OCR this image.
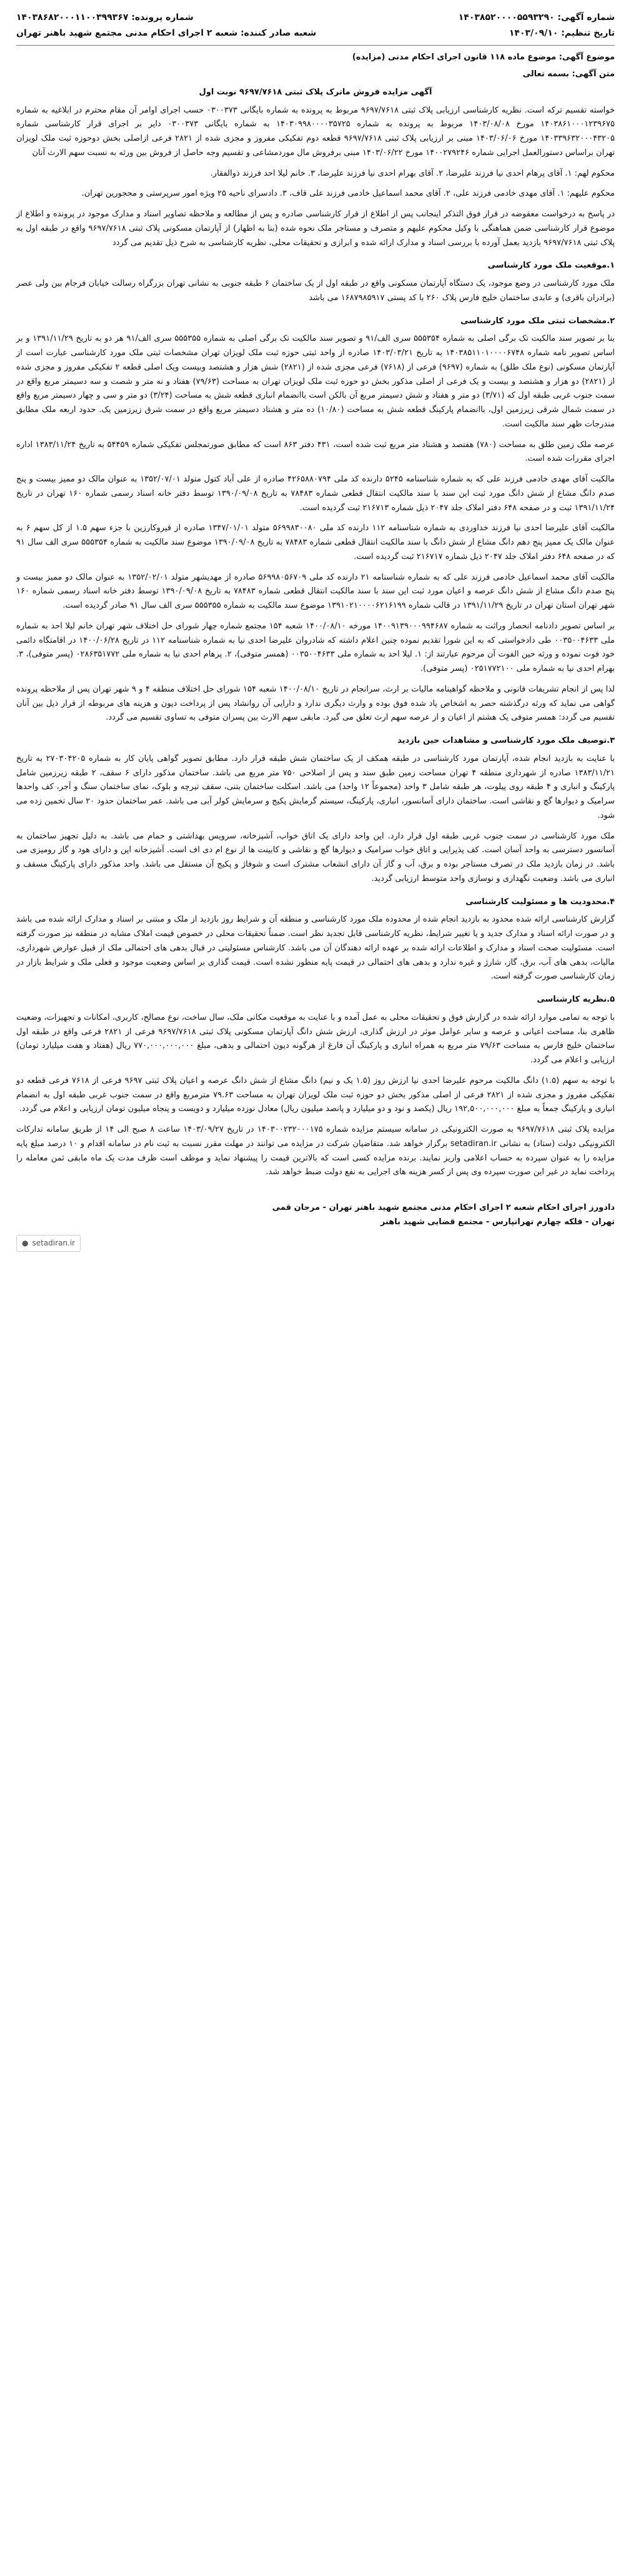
شماره آگهی: ۱۴۰۳۸۵۲۰۰۰۰۵۵۹۳۲۹۰
تاریخ تنظیم: ۱۴۰۳/۰۹/۱۰
شماره پرونده: ۱۴۰۳۸۶۸۲۰۰۰۱۱۰۰۳۹۹۳۶۷
شعبه صادر کننده: شعبه ۲ اجرای احکام مدنی مجتمع شهید باهنر تهران
موضوع آگهی: موضوع ماده ۱۱۸ قانون اجرای احکام مدنی (مزایده)
متن آگهی: بسمه تعالی
آگهی مزایده فروش ماترک پلاک ثبتی ۹۶۹۷/۷۶۱۸ نوبت اول

خواسته تقسیم ترکه است. نظریه کارشناسی ارزیابی پلاک ثبتی ۹۶۹۷/۷۶۱۸ مربوط به پرونده به شماره بایگانی ۰۳۰۰۳۷۳ حسب اجرای اوامر آن مقام محترم در ابلاغیه به شماره ۱۴۰۳۸۶۱۰۰۰۱۲۳۹۶۷۵ مورخ ۱۴۰۳/۰۸/۰۸ مربوط به پرونده به شماره ۱۴۰۳۰۹۹۸۰۰۰۰۳۵۷۲۵ به شماره بایگانی ۰۳۰۰۳۷۳ دایر بر اجرای قرار کارشناسی شماره ۱۴۰۳۳۹۶۳۲۰۰۰۴۳۲۰۵ مورخ ۱۴۰۳/۰۶/۰۶ مبنی بر ارزیابی پلاک ثبتی ۹۶۹۷/۷۶۱۸ قطعه دوم تفکیکی مفروز و مجزی شده از ۲۸۲۱ فرعی ازاصلی بخش دوحوزه ثبت ملک لویزان تهران براساس دستورالعمل اجرایی شماره ۱۴۰۰۲۷۹۲۴۶ مورخ ۱۴۰۳/۰۶/۲۲ مبنی برفروش مال موردمشاعی و تقسیم وجه حاصل از فروش بین ورثه به نسبت سهم الارث آنان

محکوم لهم: ۱. آقای پرهام احدی نیا فرزند علیرضا، ۲. آقای بهرام احدی نیا فرزند علیرضا، ۳. خانم لیلا احد فرزند ذوالفقار.

محکوم علیهم: ۱. آقای مهدی خادمی فرزند علی، ۲. آقای محمد اسماعیل خادمی فرزند علی قاف، ۳. دادسرای ناحیه ۲۵ ویژه امور سرپرستی و محجورین تهران.

در پاسخ به درخواست معقوضه در قرار فوق التذکر اینجانب پس از اطلاع از قرار کارشناسی صادره و پس از مطالعه و ملاحظه تصاویر اسناد و مدارک موجود در پرونده و اطلاع از موضوع قرار کارشناسی ضمن هماهنگی با وکیل محکوم علیهم و متصرف و مستاجر ملک نحوه شده (بنا به اظهار) از آپارتمان مسکونی پلاک ثبتی ۹۶۹۷/۷۶۱۸ واقع در طبقه اول به پلاک ثبتی ۹۶۹۷/۷۶۱۸ بازدید بعمل آورده با بررسی اسناد و مدارک ارائه شده و ابرازی و تحقیقات محلی، نظریه کارشناسی به شرح ذیل تقدیم می گردد

۱.موقعیت ملک مورد کارشناسی

ملک مورد کارشناسی در وضع موجود، یک دستگاه آپارتمان مسکونی واقع در طبقه اول از یک ساختمان ۶ طبقه جنوبی به نشانی تهران بزرگراه رسالت خیابان فرجام بین ولی عصر (برادران باقری) و عابدی ساختمان خلیج فارس پلاک ۲۶۰ با کد پستی ۱۶۸۷۹۸۵۹۱۷ می باشد

۲.مشخصات ثبتی ملک مورد کارشناسی

بنا بر تصویر سند مالکیت تک برگی اصلی به شماره ۵۵۵۳۵۴ سری الف/۹۱ و تصویر سند مالکیت تک برگی اصلی به شماره ۵۵۵۳۵۵ سری الف/۹۱ هر دو به تاریخ ۱۳۹۱/۱۱/۲۹ و بر اساس تصویر نامه شماره ۱۴۰۳۸۵۱۱۰۱۰۰۰۰۶۷۴۸ به تاریخ ۱۴۰۳/۰۳/۲۱ صادره از واحد ثبتی حوزه ثبت ملک لویزان تهران مشخصات ثبتی ملک مورد کارشناسی عبارت است از آپارتمان مسکونی (نوع ملک طلق) به شماره (۹۶۹۷) فرعی از (۷۶۱۸) فرعی مجزی شده از (۲۸۲۱) شش هزار و هشتصد وبیست ویک اصلی قطعه ۲ تفکیکی مفروز و مجزی شده از (۲۸۲۱) دو هزار و هشتصد و بیست و یک فرعی از اصلی مذکور بخش دو حوزه ثبت ملک لویزان تهران به مساحت (۷۹/۶۳) هفتاد و نه متر و شصت و سه دسیمتر مربع واقع در سمت جنوب غربی طبقه اول که (۳/۷۱) دو متر و هفتاد و شش دسیمتر مربع آن بالکن است باانضمام انباری قطعه شش به مساحت (۳/۲۴) دو متر و سی و چهار دسیمتر مربع واقع در سمت شمال شرقی زیرزمین اول، باانضمام پارکینگ قطعه شش به مساحت (۱۰/۸۰) ده متر و هشتاد دسیمتر مربع واقع در سمت شرق زیرزمین یک. حدود اربعه ملک مطابق مندرجات ظهر سند مالکیت است.

عرصه ملک زمین طلق به مساحت (۷۸۰) هفتصد و هشتاد متر مربع ثبت شده است، ۴۳۱ دفتر ۸۶۳ است که مطابق صورتمجلس تفکیکی شماره ۵۴۴۵۹ به تاریخ ۱۳۸۳/۱۱/۲۴ اداره اجرای مقررات شده است.

مالکیت آقای مهدی خادمی فرزند علی که به شماره شناسنامه ۵۲۴۵ دارنده کد ملی ۴۲۶۵۸۸۰۷۹۴ صادره از علی آباد کتول متولد ۱۳۵۲/۰۷/۰۱ به عنوان مالک دو ممیز بیست و پنج صدم دانگ مشاع از شش دانگ مورد ثبت این سند با سند مالکیت انتقال قطعی شماره ۷۸۴۸۳ به تاریخ ۱۳۹۰/۰۹/۰۸ توسط دفتر خانه اسناد رسمی شماره ۱۶۰ تهران در تاریخ ۱۳۹۱/۱۱/۲۴ ثبت و در صفحه ۶۴۸ دفتر املاک جلد ۲۰۴۷ ذیل شماره ۲۱۶۷۱۳ ثبت گردیده است.

مالکیت آقای علیرضا احدی نیا فرزند خداوردی به شماره شناسنامه ۱۱۲ دارنده کد ملی ۵۶۹۹۸۳۰۰۸۰ متولد ۱۳۴۷/۰۱/۰۱ صادره از قیروکارزین با جزء سهم ۱.۵ از کل سهم ۶ به عنوان مالک یک ممیز پنج دهم دانگ مشاع از شش دانگ با سند مالکیت انتقال قطعی شماره ۷۸۴۸۳ به تاریخ ۱۳۹۰/۰۹/۰۸ موضوع سند مالکیت به شماره ۵۵۵۳۵۴ سری الف سال ۹۱ که در صفحه ۶۴۸ دفتر املاک جلد ۲۰۴۷ ذیل شماره ۲۱۶۷۱۷ ثبت گردیده است.

مالکیت آقای محمد اسماعیل خادمی فرزند علی که به شماره شناسنامه ۲۱ دارنده کد ملی ۵۶۹۹۸۰۵۶۷۰۹ صادره از مهدیشهر متولد ۱۳۵۲/۰۲/۰۱ به عنوان مالک دو ممیز بیست و پنج صدم دانگ مشاع از شش دانگ عرصه و اعیان مورد ثبت این سند با سند مالکیت انتقال قطعی شماره ۷۸۴۸۳ به تاریخ ۱۳۹۰/۰۹/۰۸ توسط دفتر خانه اسناد رسمی شماره ۱۶۰ شهر تهران استان تهران در تاریخ ۱۳۹۱/۱۱/۲۹ در قالب شماره ۱۳۹۱۰۲۱۰۰۰۰۶۲۱۶۱۹۹ موضوع سند مالکیت به شماره ۵۵۵۳۵۵ سری الف سال ۹۱ صادر گردیده است.

بر اساس تصویر دادنامه انحصار وراثت به شماره ۱۴۰۰۹۱۳۹۰۰۰۹۹۴۶۸۷ مورخه ۱۴۰۰/۰۸/۱۰ شعبه ۱۵۴ مجتمع شماره چهار شورای حل اختلاف شهر تهران خانم لیلا احد به شماره ملی ۰۰۳۵۰۰۴۶۳۳ طی دادخواستی که به این شورا تقدیم نموده چنین اعلام داشته که شادروان علیرضا احدی نیا به شماره شناسنامه ۱۱۲ در تاریخ ۱۴۰۰/۰۶/۲۸ در اقامتگاه دائمی خود فوت نموده و ورثه حین الفوت آن مرحوم عبارتند از: ۱. لیلا احد به شماره ملی ۰۰۳۵۰۰۴۶۳۳ (همسر متوفی)، ۲. پرهام احدی نیا به شماره ملی ۰۲۸۶۳۵۱۷۷۲ (پسر متوفی)، ۳. بهرام احدی نیا به شماره ملی ۰۲۵۱۷۷۲۱۰۰ (پسر متوفی).

لذا پس از انجام تشریفات قانونی و ملاحظه گواهینامه مالیات بر ارث، سرانجام در تاریخ ۱۴۰۰/۰۸/۱۰ شعبه ۱۵۴ شورای حل اختلاف منطقه ۴ و ۹ شهر تهران پس از ملاحظه پرونده گواهی می نماید که ورثه درگذشته حصر به اشخاص یاد شده فوق بوده و وارث دیگری ندارد و دارایی آن روانشاد پس از پرداخت دیون و هزینه های مربوطه از قرار ذیل بین آنان تقسیم می گردد: همسر متوفی یک هشتم از اعیان و از عرصه سهم ارث تعلق می گیرد. مابقی سهم الارث بین پسران متوفی به تساوی تقسیم می گردد.

۳.توصیف ملک مورد کارشناسی و مشاهدات حین بازدید

با عنایت به بازدید انجام شده، آپارتمان مورد کارشناسی در طبقه همکف از یک ساختمان شش طبقه قرار دارد. مطابق تصویر گواهی پایان کار به شماره ۲۷۰۳۰۴۲۰۵ به تاریخ ۱۳۸۳/۱۱/۲۱ صادره از شهرداری منطقه ۴ تهران مساحت زمین طبق سند و پس از اصلاحی ۷۵۰ متر مربع می باشد. ساختمان مذکور دارای ۶ سقف، ۲ طبقه زیرزمین شامل پارکینگ و انباری و ۴ طبقه روی پیلوت، هر طبقه شامل ۳ واحد (مجموعاً ۱۲ واحد) می باشد. اسکلت ساختمان بتنی، سقف تیرچه و بلوک، نمای ساختمان سنگ و آجر، کف واحدها سرامیک و دیوارها گچ و نقاشی است. ساختمان دارای آسانسور، انباری، پارکینگ، سیستم گرمایش پکیج و سرمایش کولر آبی می باشد. عمر ساختمان حدود ۲۰ سال تخمین زده می شود.

ملک مورد کارشناسی در سمت جنوب غربی طبقه اول قرار دارد. این واحد دارای یک اتاق خواب، آشپزخانه، سرویس بهداشتی و حمام می باشد. به دلیل تجهیز ساختمان به آسانسور دسترسی به واحد آسان است. کف پذیرایی و اتاق خواب سرامیک و دیوارها گچ و نقاشی و کابینت ها از نوع ام دی اف است. آشپزخانه اپن و دارای هود و گاز رومیزی می باشد. در زمان بازدید ملک در تصرف مستاجر بوده و برق، آب و گاز آن دارای انشعاب مشترک است و شوفاژ و پکیج آن مستقل می باشد. واحد مذکور دارای پارکینگ مسقف و انباری می باشد. وضعیت نگهداری و نوسازی واحد متوسط ارزیابی گردید.

۴.محدودیت ها و مسئولیت کارشناسی

گزارش کارشناسی ارائه شده محدود به بازدید انجام شده از محدوده ملک مورد کارشناسی و منطقه آن و شرایط روز بازدید از ملک و مبتنی بر اسناد و مدارک ارائه شده می باشد و در صورت ارائه اسناد و مدارک جدید و یا تغییر شرایط، نظریه کارشناسی قابل تجدید نظر است. ضمناً تحقیقات محلی در خصوص قیمت املاک مشابه در منطقه نیز صورت گرفته است. مسئولیت صحت اسناد و مدارک و اطلاعات ارائه شده بر عهده ارائه دهندگان آن می باشد. کارشناس مسئولیتی در قبال بدهی های احتمالی ملک از قبیل عوارض شهرداری، مالیات، بدهی های آب، برق، گاز، شارژ و غیره ندارد و بدهی های احتمالی در قیمت پایه منظور نشده است. قیمت گذاری بر اساس وضعیت موجود و فعلی ملک و شرایط بازار در زمان کارشناسی صورت گرفته است.

۵.نظریه کارشناسی

با توجه به تمامی موارد ارائه شده در گزارش فوق و تحقیقات محلی به عمل آمده و با عنایت به موقعیت مکانی ملک، سال ساخت، نوع مصالح، کاربری، امکانات و تجهیزات، وضعیت ظاهری بنا، مساحت اعیانی و عرصه و سایر عوامل موثر در ارزش گذاری، ارزش شش دانگ آپارتمان مسکونی پلاک ثبتی ۹۶۹۷/۷۶۱۸ فرعی از ۲۸۲۱ فرعی واقع در طبقه اول ساختمان خلیج فارس به مساحت ۷۹/۶۳ متر مربع به همراه انباری و پارکینگ آن فارغ از هرگونه دیون احتمالی و بدهی، مبلغ ۷۷۰,۰۰۰,۰۰۰,۰۰۰ ریال (هفتاد و هفت میلیارد تومان) ارزیابی و اعلام می گردد.

با توجه به سهم (۱.۵) دانگ مالکیت مرحوم علیرضا احدی نیا ارزش روز (۱.۵ یک و نیم) دانگ مشاع از شش دانگ عرصه و اعیان پلاک ثبتی ۹۶۹۷ فرعی از ۷۶۱۸ فرعی قطعه دو تفکیکی مفروز و مجزی شده از ۲۸۲۱ فرعی از اصلی مذکور بخش دو حوزه ثبت ملک لویزان تهران به مساحت ۷۹.۶۳ مترمربع واقع در سمت جنوب غربی طبقه اول به انضمام انباری و پارکینگ جمعاً به مبلغ ۱۹۲,۵۰۰,۰۰۰,۰۰۰ ریال (یکصد و نود و دو میلیارد و پانصد میلیون ریال) معادل نوزده میلیارد و دویست و پنجاه میلیون تومان ارزیابی و اعلام می گردد.

مزایده پلاک ثبتی ۹۶۹۷/۷۶۱۸ به صورت الکترونیکی در سامانه سیستم مزایده شماره ۱۴۰۳۰۰۲۳۲۰۰۰۱۷۵ در تاریخ ۱۴۰۳/۰۹/۲۷ ساعت ۸ صبح الی ۱۴ از طریق سامانه تدارکات الکترونیکی دولت (ستاد) به نشانی setadiran.ir برگزار خواهد شد. متقاضیان شرکت در مزایده می توانند در مهلت مقرر نسبت به ثبت نام در سامانه اقدام و ۱۰ درصد مبلغ پایه مزایده را به عنوان سپرده به حساب اعلامی واریز نمایند. برنده مزایده کسی است که بالاترین قیمت را پیشنهاد نماید و موظف است ظرف مدت یک ماه مابقی ثمن معامله را پرداخت نماید در غیر این صورت سپرده وی پس از کسر هزینه های اجرایی به نفع دولت ضبط خواهد شد.

دادورز اجرای احکام شعبه ۲ اجرای احکام مدنی مجتمع شهید باهنر تهران - مرجان قمی
تهران - فلکه چهارم تهرانپارس - مجتمع قضایی شهید باهنر
● setadiran.ir
